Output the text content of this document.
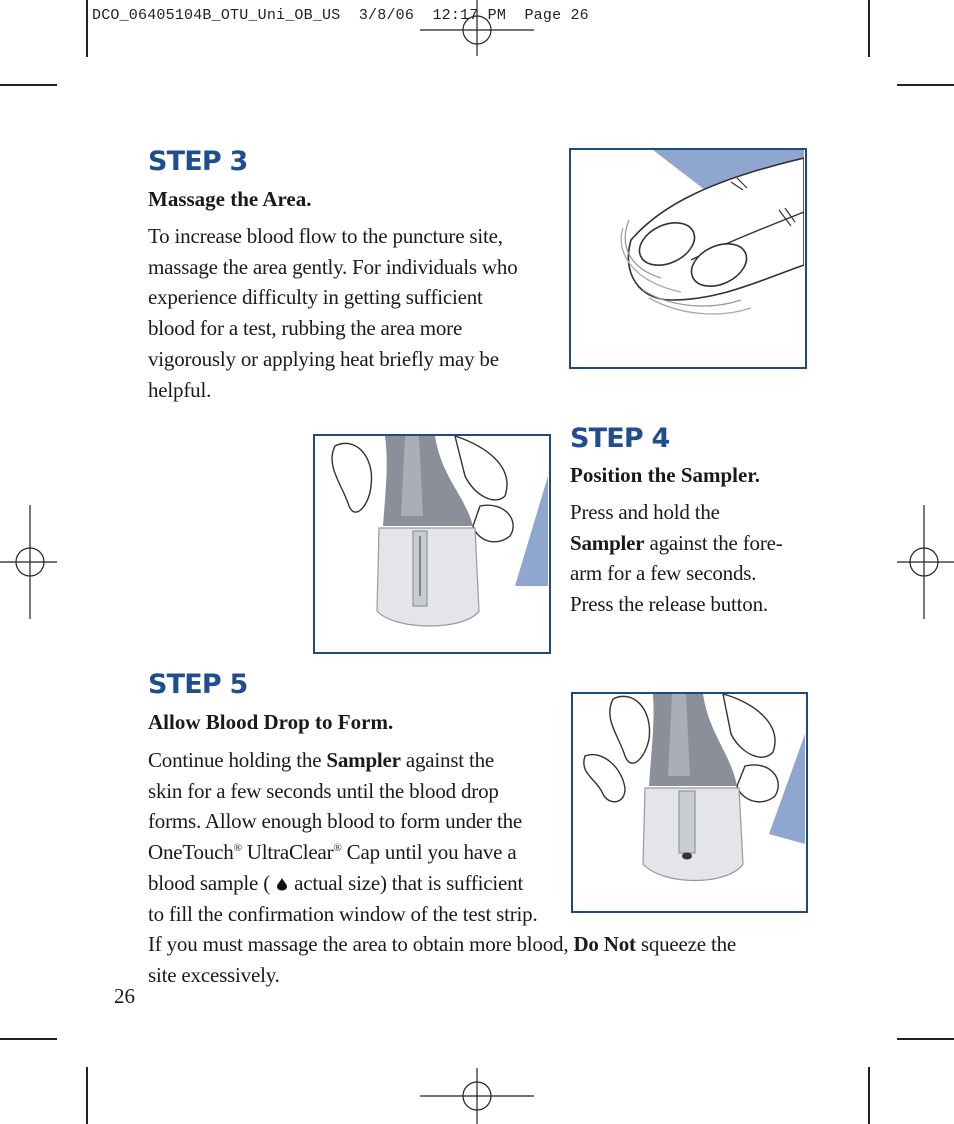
DCO_06405104B_OTU_Uni_OB_US  3/8/06  12:17 PM  Page 26
STEP 3

Massage the Area.

To increase blood flow to the puncture site,
massage the area gently. For individuals who
experience difficulty in getting sufficient
blood for a test, rubbing the area more
vigorously or applying heat briefly may be
helpful.
STEP 4

Position the Sampler.

Press and hold the
Sampler against the fore-
arm for a few seconds.
Press the release button.
STEP 5

Allow Blood Drop to Form.

Continue holding the Sampler against the
skin for a few seconds until the blood drop
forms. Allow enough blood to form under the
OneTouch® UltraClear® Cap until you have a
blood sample (  actual size) that is sufficient
to fill the confirmation window of the test strip.
If you must massage the area to obtain more blood, Do Not squeeze the
site excessively.
26
